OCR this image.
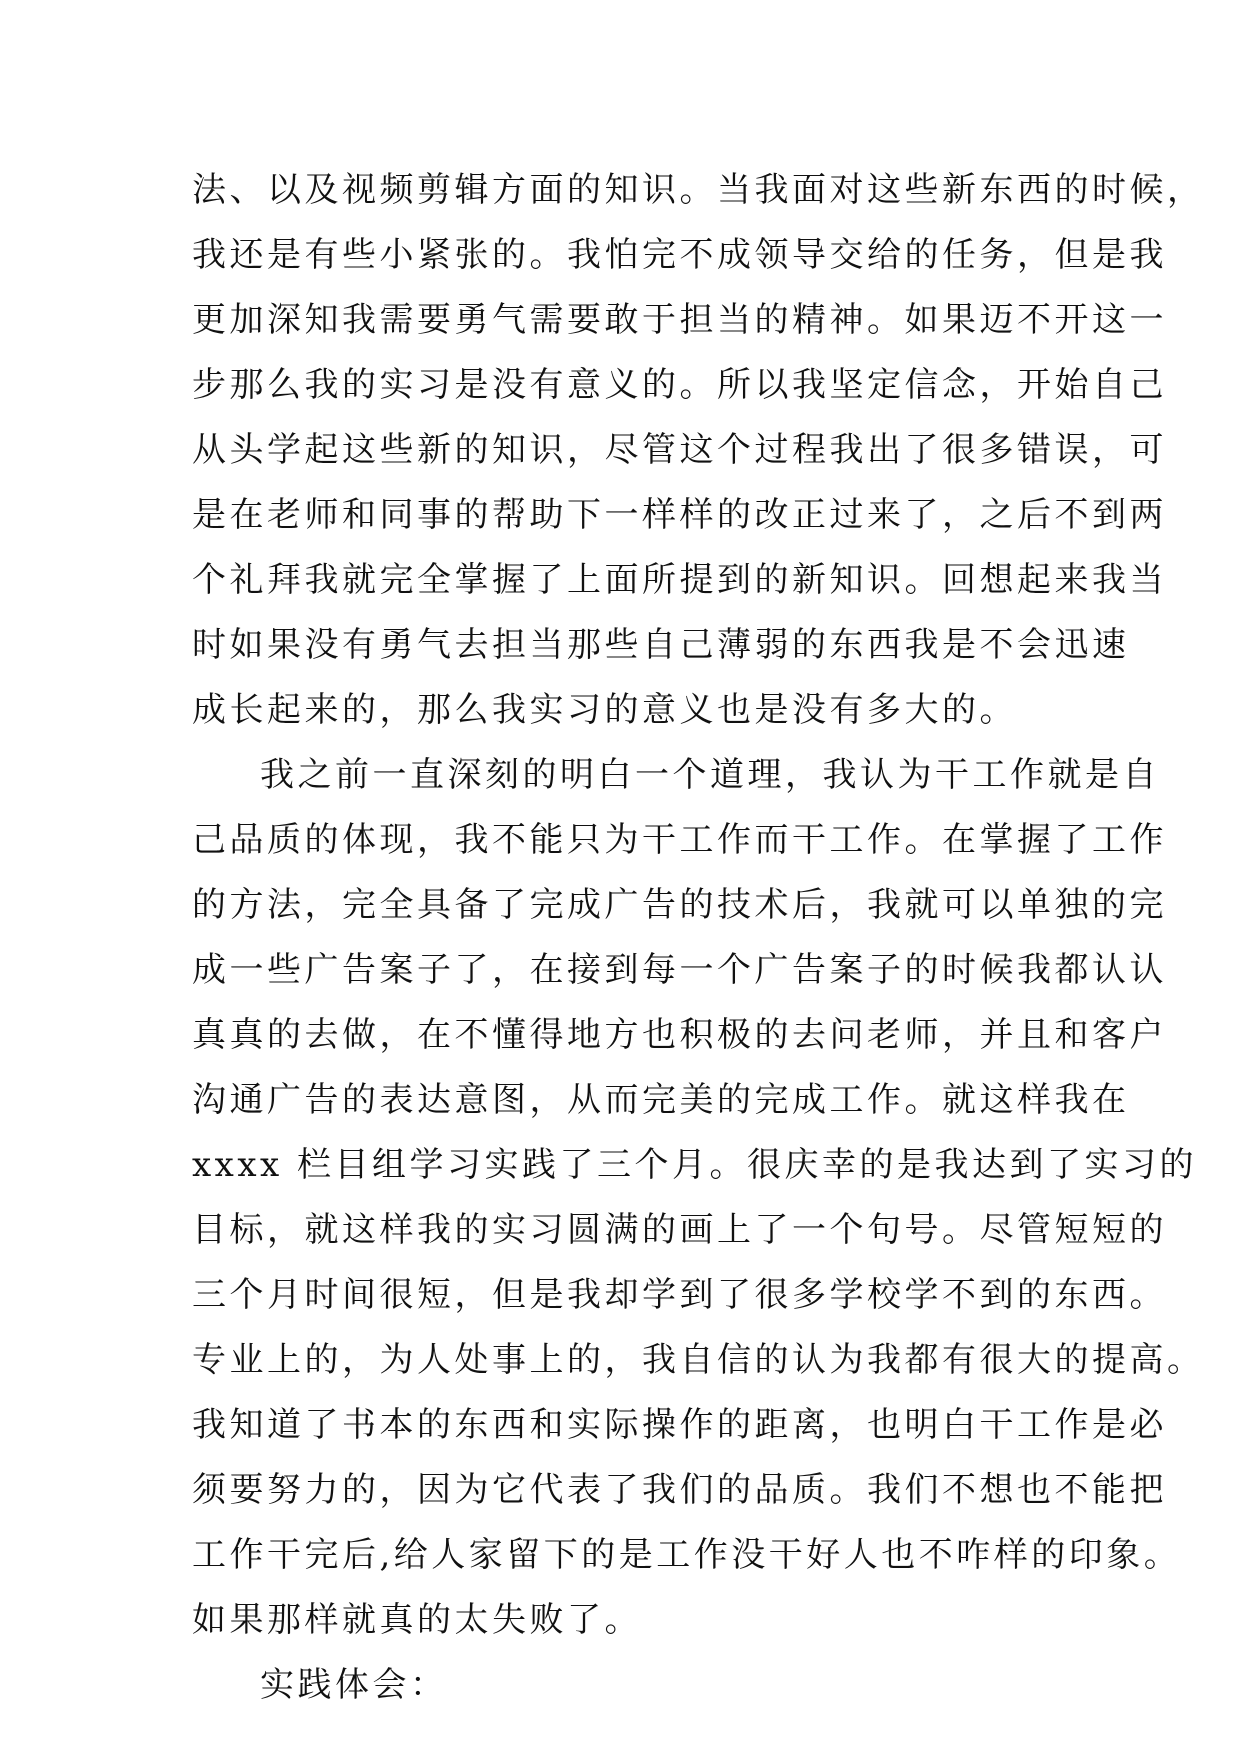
法、以及视频剪辑方面的知识。当我面对这些新东西的时候，
我还是有些小紧张的。我怕完不成领导交给的任务，但是我
更加深知我需要勇气需要敢于担当的精神。如果迈不开这一
步那么我的实习是没有意义的。所以我坚定信念，开始自己
从头学起这些新的知识，尽管这个过程我出了很多错误，可
是在老师和同事的帮助下一样样的改正过来了，之后不到两
个礼拜我就完全掌握了上面所提到的新知识。回想起来我当
时如果没有勇气去担当那些自己薄弱的东西我是不会迅速
成长起来的，那么我实习的意义也是没有多大的。
我之前一直深刻的明白一个道理，我认为干工作就是自
己品质的体现，我不能只为干工作而干工作。在掌握了工作
的方法，完全具备了完成广告的技术后，我就可以单独的完
成一些广告案子了，在接到每一个广告案子的时候我都认认
真真的去做，在不懂得地方也积极的去问老师，并且和客户
沟通广告的表达意图，从而完美的完成工作。就这样我在
xxxx 栏目组学习实践了三个月。很庆幸的是我达到了实习的
目标，就这样我的实习圆满的画上了一个句号。尽管短短的
三个月时间很短，但是我却学到了很多学校学不到的东西。
专业上的，为人处事上的，我自信的认为我都有很大的提高。
我知道了书本的东西和实际操作的距离，也明白干工作是必
须要努力的，因为它代表了我们的品质。我们不想也不能把
工作干完后,给人家留下的是工作没干好人也不咋样的印象。
如果那样就真的太失败了。
实践体会：
